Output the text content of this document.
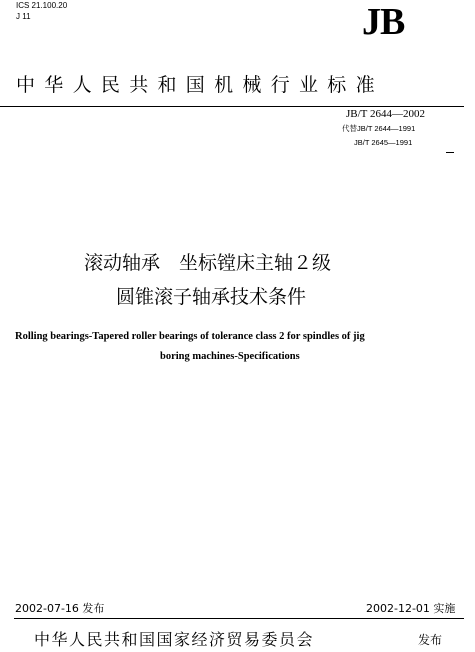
ICS 21.100.20
J 11	JB
中华人民共和国机械行业标准
JB/T 2644—2002
代替JB/T 2644—1991
JB/T 2645—1991
滚动轴承　坐标镗床主轴２级
圆锥滚子轴承技术条件
Rolling bearings-Tapered roller bearings of tolerance class 2 for spindles of jig
boring machines-Specifications
2002-07-16 发布	2002-12-01 实施
中华人民共和国国家经济贸易委员会	发布
